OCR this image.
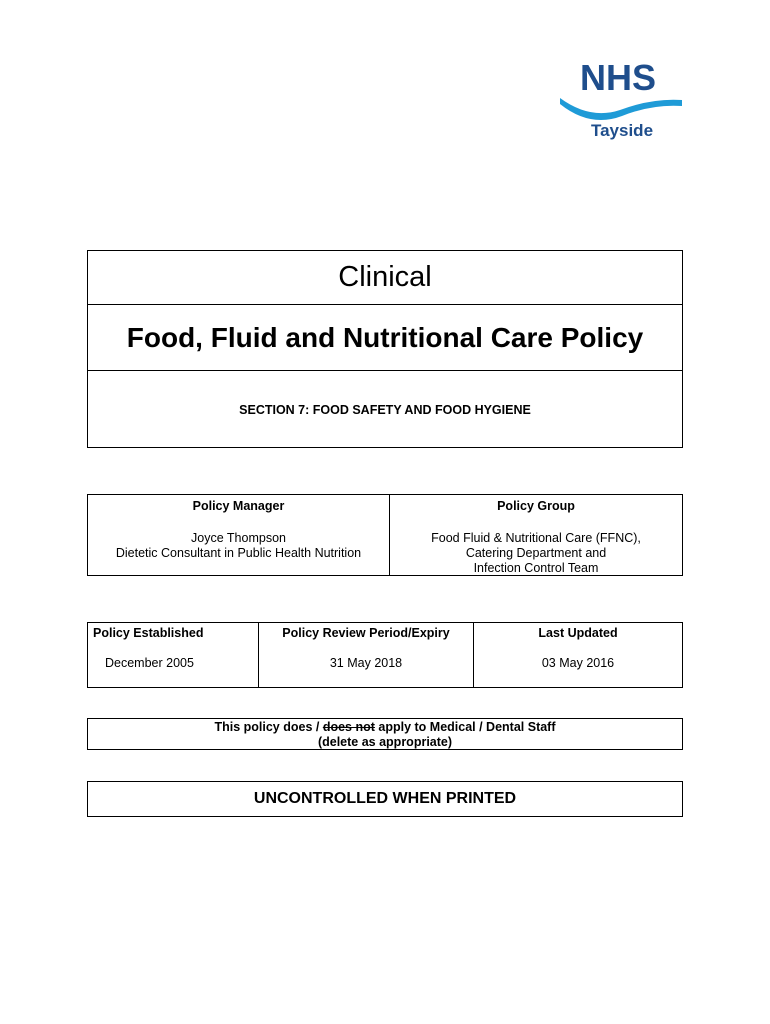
NHS
Tayside
Clinical
Food, Fluid and Nutritional Care Policy
SECTION 7: FOOD SAFETY AND FOOD HYGIENE
Policy Manager
Joyce Thompson
Dietetic Consultant in Public Health Nutrition
Policy Group
Food Fluid & Nutritional Care (FFNC),
Catering Department and
Infection Control Team
Policy Established
December 2005
Policy Review Period/Expiry
31 May 2018
Last Updated
03 May 2016
This policy does / does not apply to Medical / Dental Staff
(delete as appropriate)
UNCONTROLLED WHEN PRINTED
